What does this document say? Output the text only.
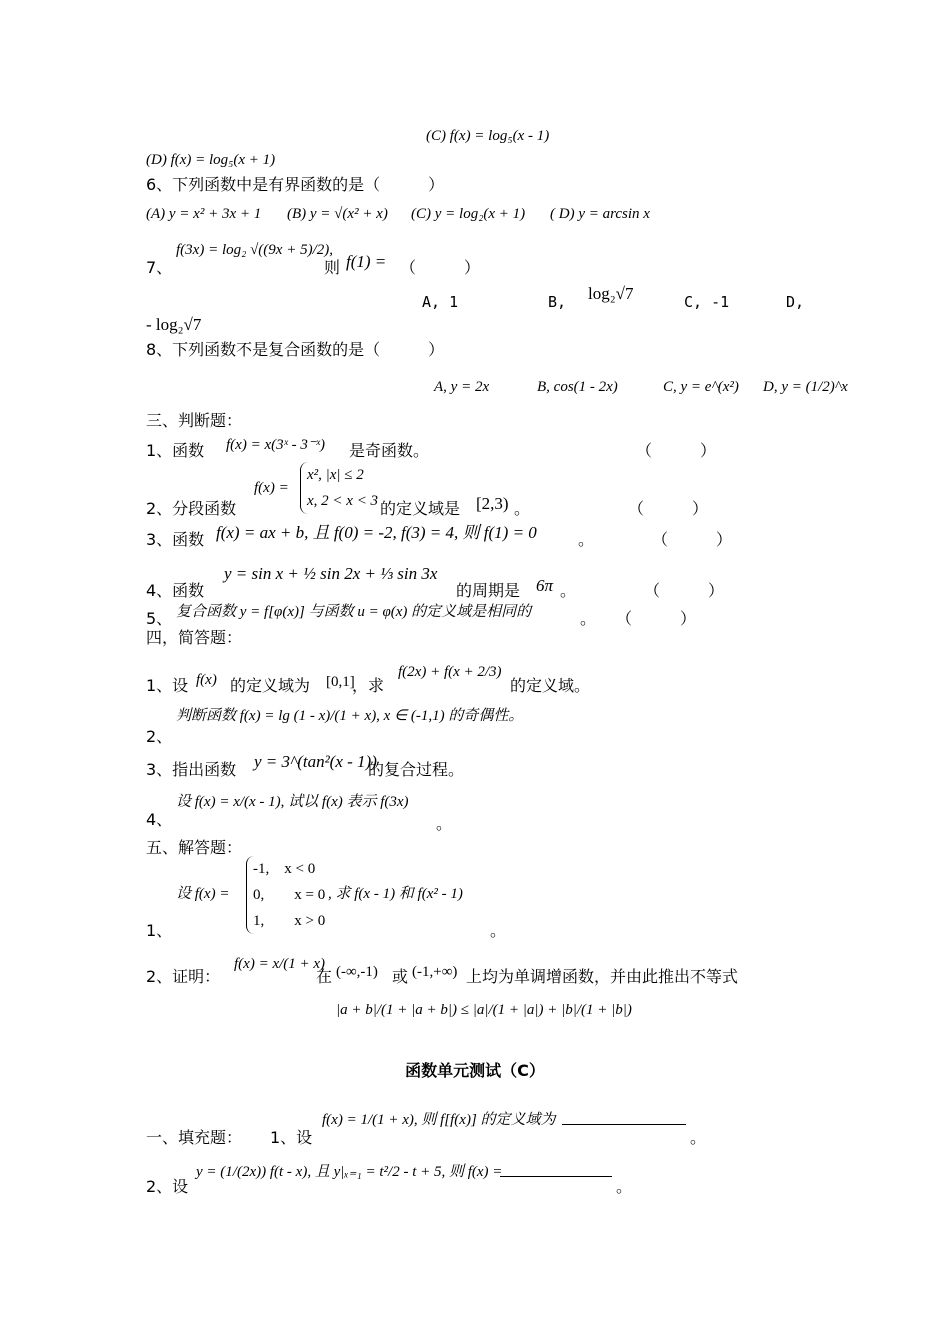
(C) f(x) = log₅(x - 1)
(D) f(x) = log₅(x + 1)
6、下列函数中是有界函数的是（　　　）
(A) y = x² + 3x + 1 (B) y = √(x² + x) (C) y = log₂(x + 1) ( D) y = arcsin x
7、
f(3x) = log₂ √((9x + 5)/2),
则 f(1) = （　　　）
A, 1	B, log₂√7	C, -1	D,
- log₂√7
8、下列函数不是复合函数的是（　　　）
A, y = 2x	B, cos(1 - 2x)	C, y = e^(x²) D, y = (1/2)^x
三、判断题：
1、函数 f(x) = x(3ˣ - 3⁻ˣ) 是奇函数。	（　　　）
f(x) =
x², |x| ≤ 2
x, 2 < x < 3
2、分段函数	的定义域是 [2,3) 。	（　　　）
3、函数 f(x) = ax + b, 且 f(0) = -2, f(3) = 4, 则 f(1) = 0	。	（　　　）
y = sin x + ½ sin 2x + ⅓ sin 3x
4、函数	的周期是 6π 。	（　　　）
5、 复合函数 y = f[φ(x)] 与函数 u = φ(x) 的定义域是相同的	。 （　　　）
四，简答题：
1、设 f(x) 的定义域为 [0,1]
，求
f(2x) + f(x + 2/3)
的定义域。
判断函数 f(x) = lg (1 - x)/(1 + x), x ∈ (-1,1) 的奇偶性。
2、
3、指出函数 y = 3^(tan²(x - 1))
的复合过程。
设 f(x) = x/(x - 1), 试以 f(x) 表示 f(3x)
4、	。
五、解答题：
设 f(x) =
-1,　x < 0
0,　　x = 0
1,　　x > 0
, 求 f(x - 1) 和 f(x² - 1)
1、	。
2、证明：
f(x) = x/(1 + x)
在 (-∞,-1) 或 (-1,+∞) 上均为单调增函数，并由此推出不等式
|a + b|/(1 + |a + b|) ≤ |a|/(1 + |a|) + |b|/(1 + |b|)
函数单元测试（C）
一、填充题： 1、设
f(x) = 1/(1 + x), 则 f[f(x)] 的定义域为
。
2、设
y = (1/(2x)) f(t - x), 且 y|ₓ₌₁ = t²/2 - t + 5, 则 f(x) =
。
